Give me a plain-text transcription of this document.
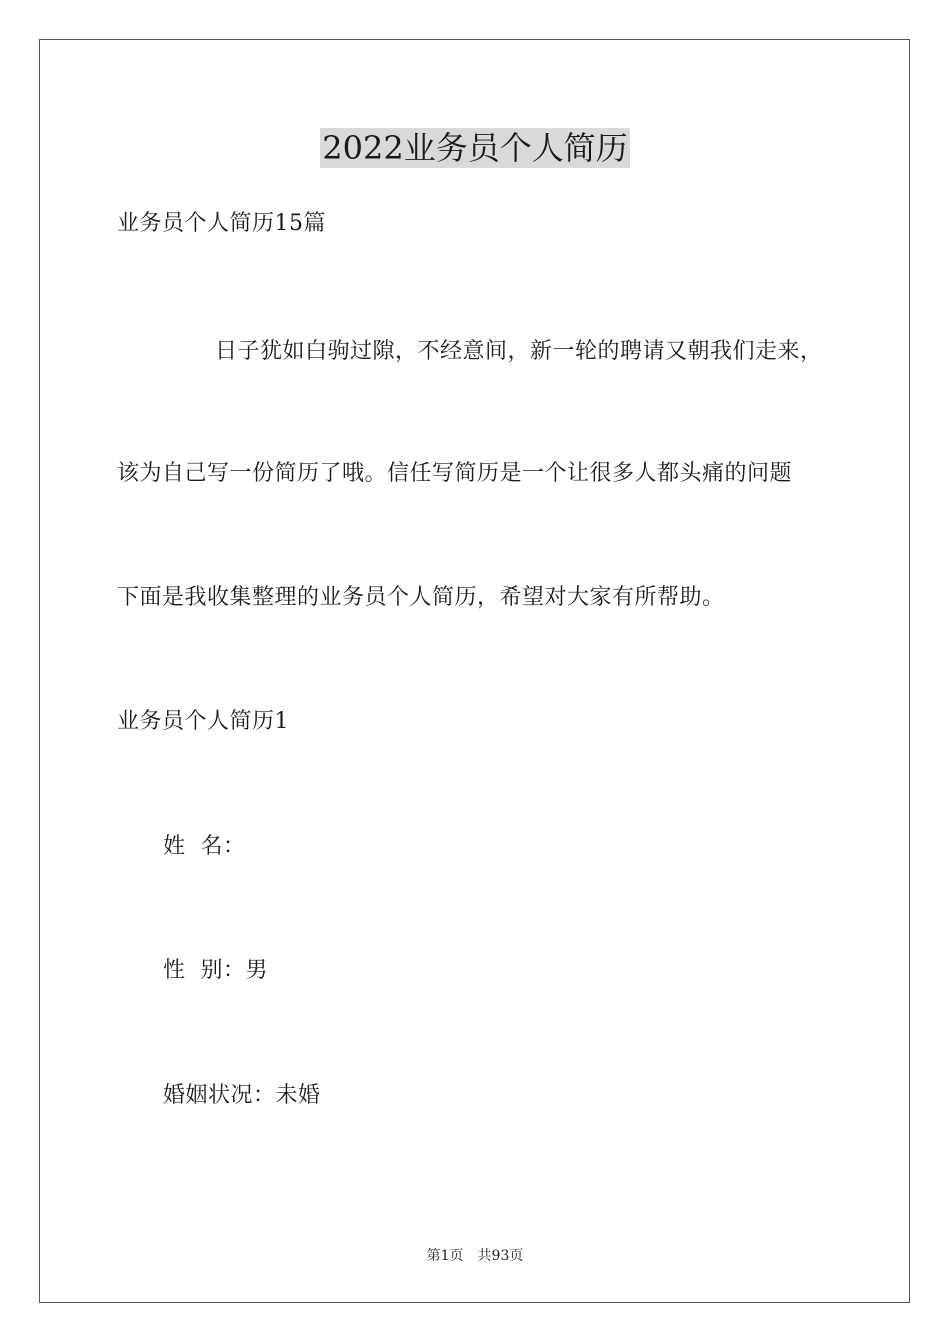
2022业务员个人简历
业务员个人简历15篇
日子犹如白驹过隙，不经意间，新一轮的聘请又朝我们走来，
该为自己写一份简历了哦。信任写简历是一个让很多人都头痛的问题
下面是我收集整理的业务员个人简历，希望对大家有所帮助。
业务员个人简历1
姓  名：
性  别：男
婚姻状况：未婚
第1页 共93页
